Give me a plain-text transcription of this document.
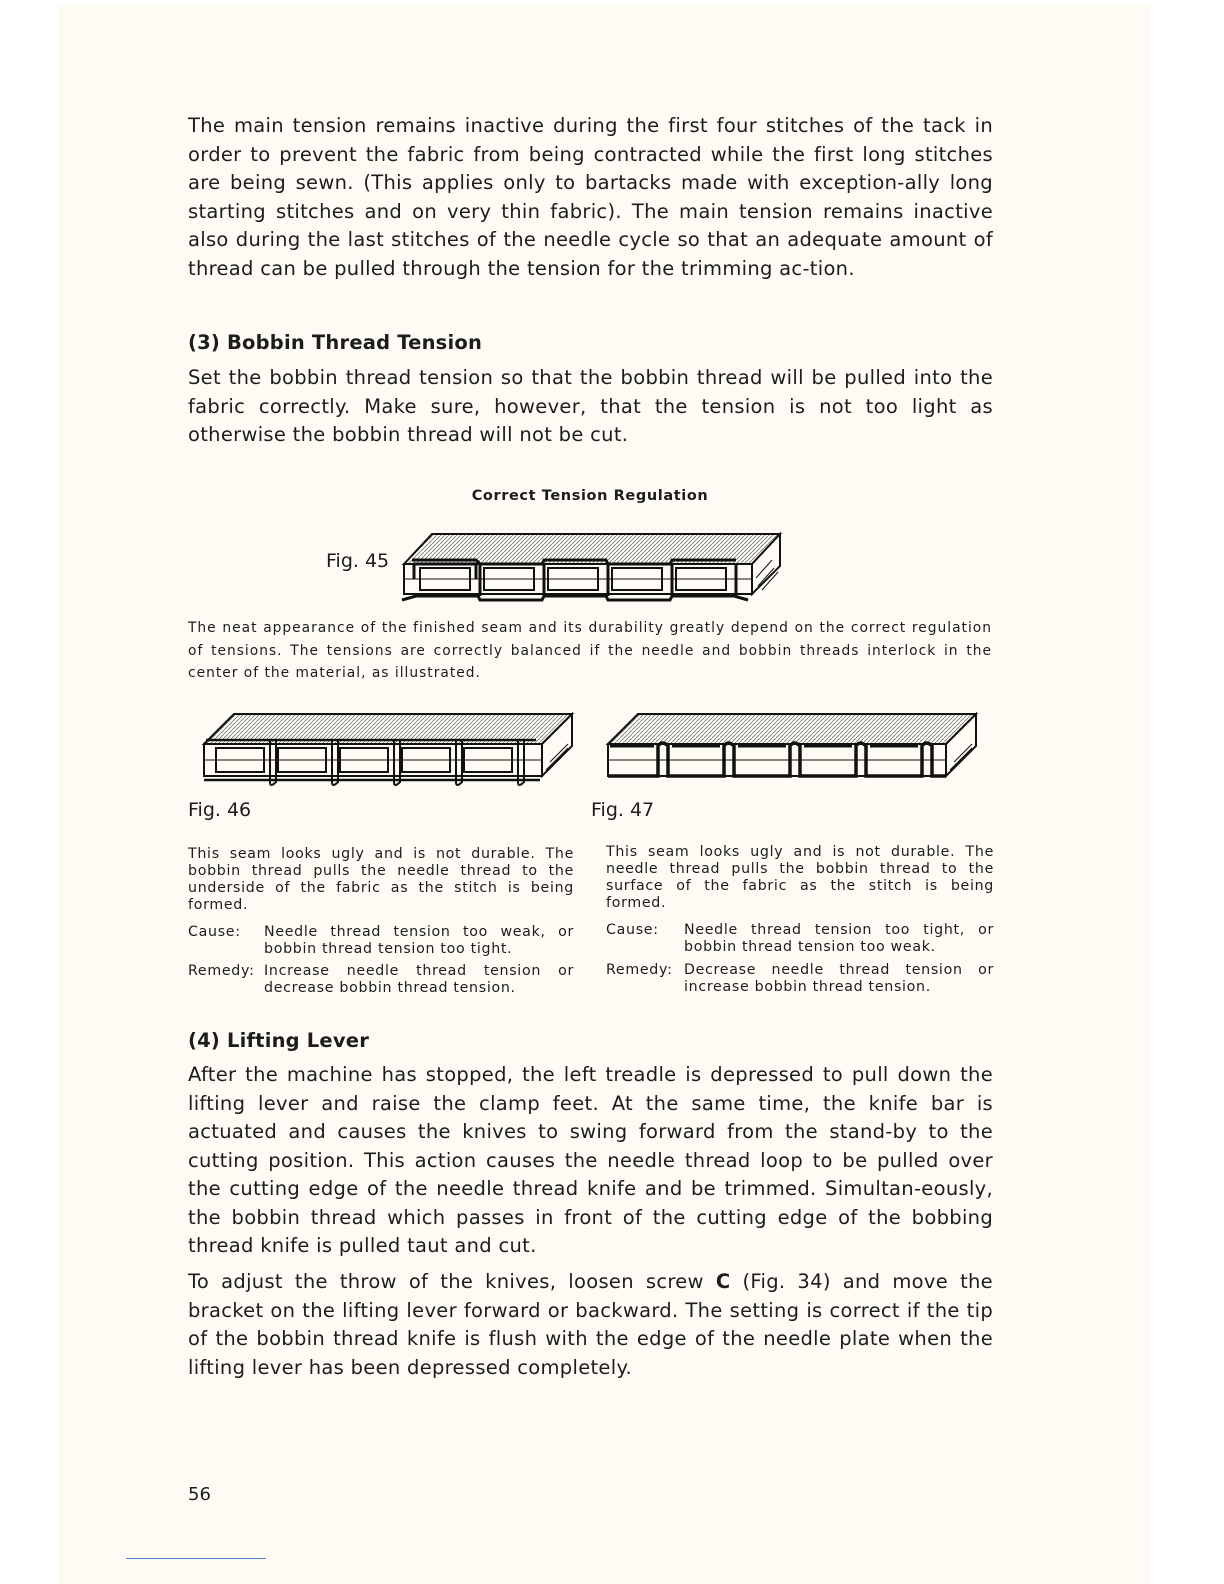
The main tension remains inactive during the first four stitches of the tack in order to prevent the fabric from being contracted while the first long stitches are being sewn. (This applies only to bartacks made with exception-ally long starting stitches and on very thin fabric). The main tension remains inactive also during the last stitches of the needle cycle so that an adequate amount of thread can be pulled through the tension for the trimming ac-tion.

(3) Bobbin Thread Tension

Set the bobbin thread tension so that the bobbin thread will be pulled into the fabric correctly. Make sure, however, that the tension is not too light as otherwise the bobbin thread will not be cut.

Correct Tension Regulation

Fig. 45

The neat appearance of the finished seam and its durability greatly depend on the correct regulation of tensions. The tensions are correctly balanced if the needle and bobbin threads interlock in the center of the material, as illustrated.

Fig. 46	Fig. 47

This seam looks ugly and is not durable. The bobbin thread pulls the needle thread to the underside of the fabric as the stitch is being formed.

Cause:	Needle thread tension too weak, or bobbin thread tension too tight.
Remedy: Increase needle thread tension or decrease bobbin thread tension.

This seam looks ugly and is not durable. The needle thread pulls the bobbin thread to the surface of the fabric as the stitch is being formed.

Cause:	Needle thread tension too tight, or bobbin thread tension too weak.
Remedy: Decrease needle thread tension or increase bobbin thread tension.
(4) Lifting Lever

After the machine has stopped, the left treadle is depressed to pull down the lifting lever and raise the clamp feet. At the same time, the knife bar is actuated and causes the knives to swing forward from the stand-by to the cutting position. This action causes the needle thread loop to be pulled over the cutting edge of the needle thread knife and be trimmed. Simultan-eously, the bobbin thread which passes in front of the cutting edge of the bobbing thread knife is pulled taut and cut.

To adjust the throw of the knives, loosen screw C (Fig. 34) and move the bracket on the lifting lever forward or backward. The setting is correct if the tip of the bobbin thread knife is flush with the edge of the needle plate when the lifting lever has been depressed completely.

56
